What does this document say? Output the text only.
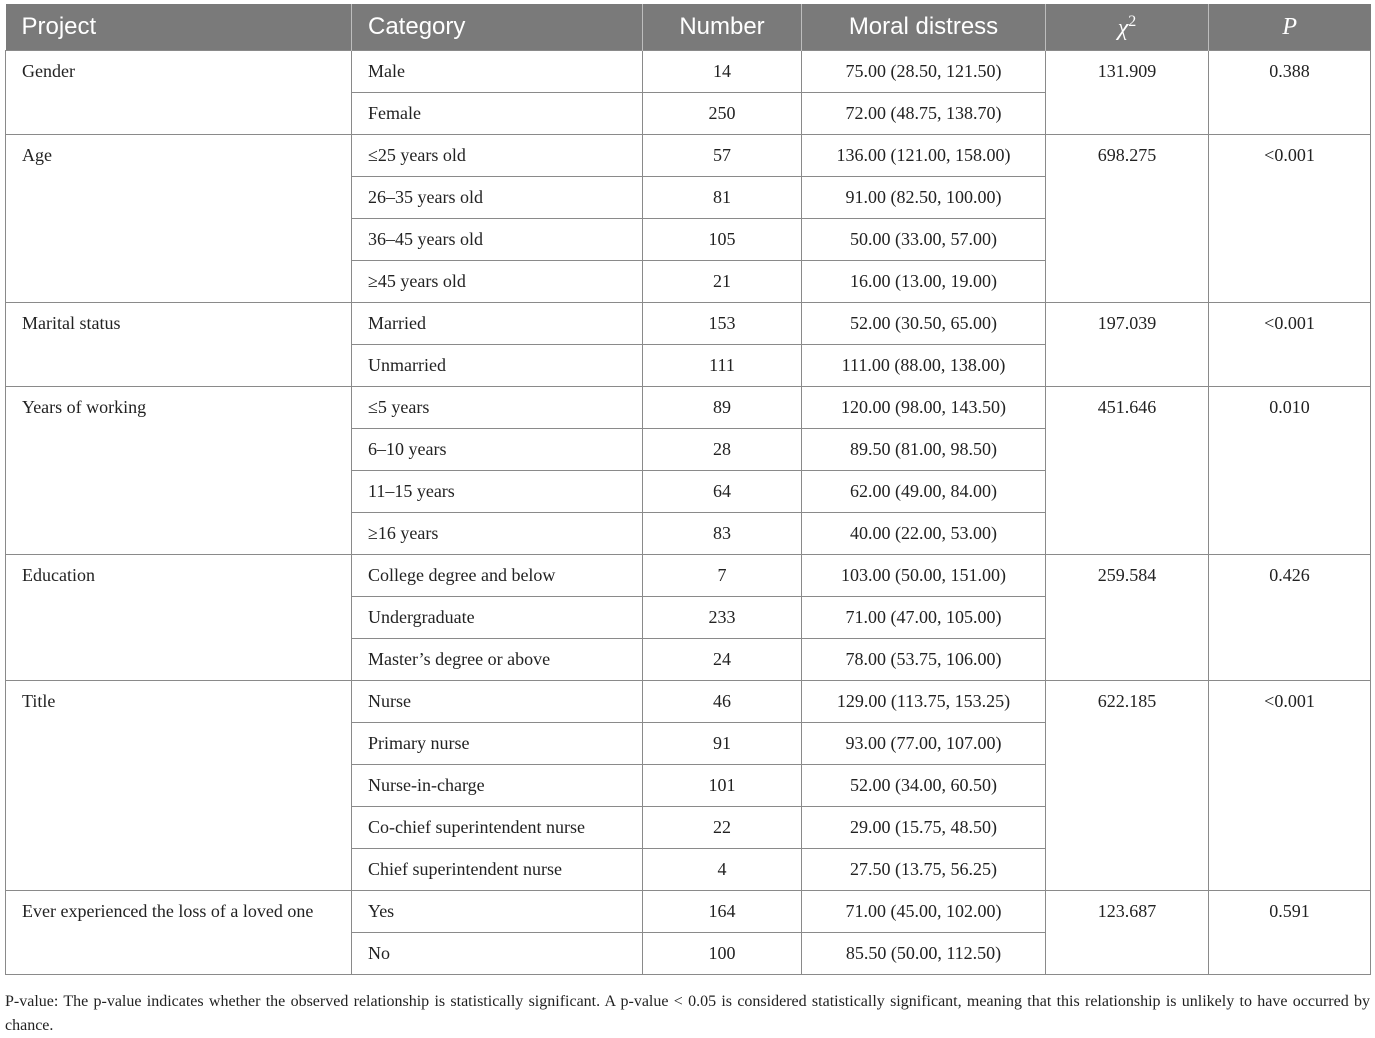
Project	Category	Number	Moral distress	$\chi^2$	P
Gender	Male	14	75.00 (28.50, 121.50)	131.909	0.388
	Female	250	72.00 (48.75, 138.70)		
Age	≤25 years old	57	136.00 (121.00, 158.00)	698.275	<0.001
	26–35 years old	81	91.00 (82.50, 100.00)		
	36–45 years old	105	50.00 (33.00, 57.00)		
	≥45 years old	21	16.00 (13.00, 19.00)		
Marital status	Married	153	52.00 (30.50, 65.00)	197.039	<0.001
	Unmarried	111	111.00 (88.00, 138.00)		
Years of working	≤5 years	89	120.00 (98.00, 143.50)	451.646	0.010
	6–10 years	28	89.50 (81.00, 98.50)		
	11–15 years	64	62.00 (49.00, 84.00)		
	≥16 years	83	40.00 (22.00, 53.00)		
Education	College degree and below	7	103.00 (50.00, 151.00)	259.584	0.426
	Undergraduate	233	71.00 (47.00, 105.00)		
	Master’s degree or above	24	78.00 (53.75, 106.00)		
Title	Nurse	46	129.00 (113.75, 153.25)	622.185	<0.001
	Primary nurse	91	93.00 (77.00, 107.00)		
	Nurse-in-charge	101	52.00 (34.00, 60.50)		
	Co-chief superintendent nurse	22	29.00 (15.75, 48.50)		
	Chief superintendent nurse	4	27.50 (13.75, 56.25)		
Ever experienced the loss of a loved one	Yes	164	71.00 (45.00, 102.00)	123.687	0.591
	No	100	85.50 (50.00, 112.50)		
P-value: The p-value indicates whether the observed relationship is statistically significant. A p-value < 0.05 is considered statistically significant, meaning that this relationship is unlikely to have occurred by chance.
